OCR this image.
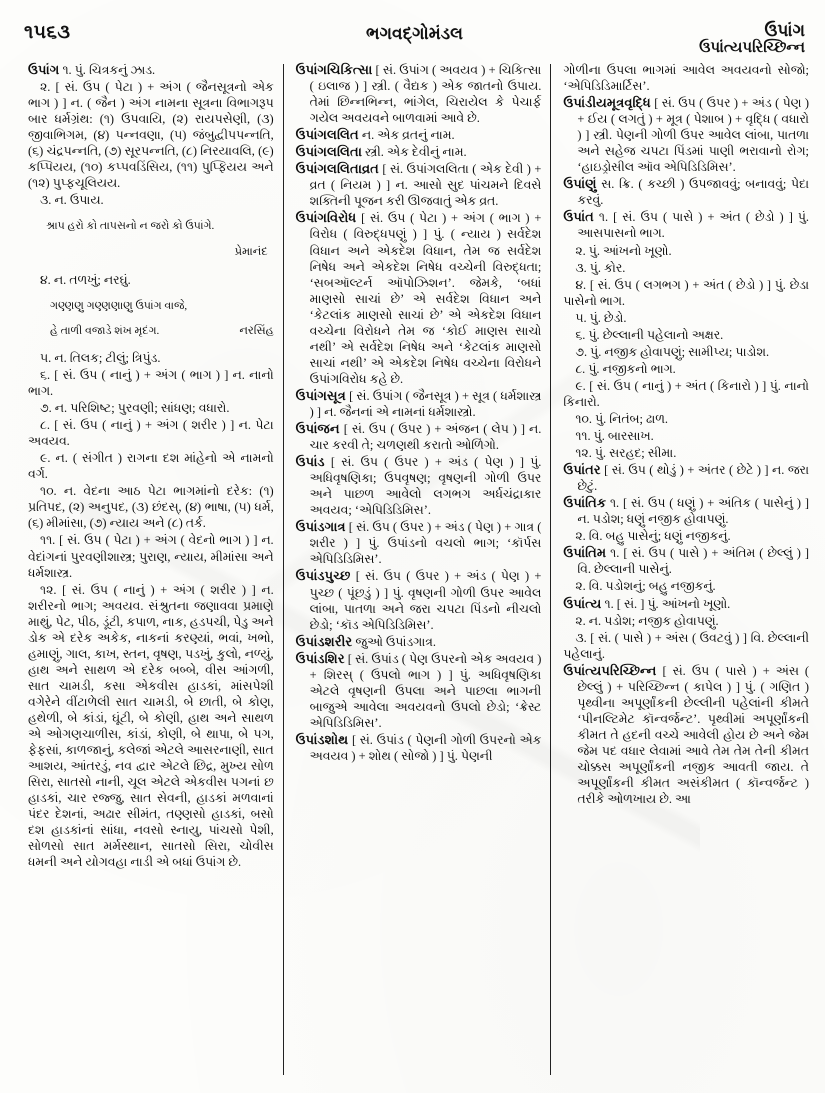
૧૫૬૩	ભગવદ્ગોમંડલ	ઉપાંગ
ઉપાંત્યપરિચ્છિન્ન

ઉપાંગ ૧. પું. ચિત્રકનું ઝાડ.

૨. [ સં. ઉપ ( પેટા ) + અંગ ( જૈનસૂત્રનો એક ભાગ ) ] ન. ( જૈન ) અંગ નામના સૂત્રના વિભાગરૂપ બાર ધર્મગ્રંથ: (૧) ઉપવાયિ, (૨) રાયપસેણી, (૩) જીવાભિગમ, (૪) પન્નવણા, (૫) જંબુદ્વીપપન્નતિ, (૬) ચંદ્રપન્નતિ, (૭) સૂરપન્નતિ, (૮) નિરયાવલિ, (૯) કપ્પિયય, (૧૦) કપ્પવડિંસિય, (૧૧) પુપ્ફિયય અને (૧૨) પુપ્ફચૂલિયય.

૩. ન. ઉપાય.

શ્રાપ હરો કો તાપસનો ન જરો કો ઉપાંગે.

પ્રેમાનંદ

૪. ન. તળખું; નરઘું.

ગણ્ણણુ ગણ્ણણાણુ ઉપાંગ વાજે,

નરસિંહ
હે તાળી વજાડે શંખ મૃદંગ.

૫. ન. તિલક; ટીલું; ત્રિપુંડ.

૬. [ સં. ઉપ ( નાનું ) + અંગ ( ભાગ ) ] ન. નાનો ભાગ.

૭. ન. પરિશિષ્ટ; પુરવણી; સાંધણ; વધારો.

૮. [ સં. ઉપ ( નાનું ) + અંગ ( શરીર ) ] ન. પેટા અવયવ.

૯. ન. ( સંગીત ) રાગના દશ માંહેનો એ નામનો વર્ગ.

૧૦. ન. વેદના આઠ પેટા ભાગમાંનો દરેક: (૧) પ્રતિપદ, (૨) અનુપદ, (૩) છંદસ્, (૪) ભાષા, (૫) ધર્મ, (૬) મીમાંસા, (૭) ન્યાય અને (૮) તર્ક.

૧૧. [ સં. ઉપ ( પેટા ) + અંગ ( વેદનો ભાગ ) ] ન. વેદાંગનાં પુરવણીશાસ્ત્ર; પુરાણ, ન્યાય, મીમાંસા અને ધર્મશાસ્ત્ર.

૧૨. [ સં. ઉપ ( નાનું ) + અંગ ( શરીર ) ] ન. શરીરનો ભાગ; અવયવ. સંશ્રુતના જણાવવા પ્રમાણે માથું, પેટ, પીઠ, ડૂંટી, કપાળ, નાક, હડપચી, પેડુ અને ડોક એ દરેક અકેક, નાકનાં કરણ્યાં, ભવાં, ખભો, હમાણું, ગાલ, કાખ, સ્તન, વૃષણ, પડખું, કુલો, નળ્યું, હાથ અને સાથળ એ દરેક બબ્બે, વીસ આંગળી, સાત ચામડી, કસા એકવીસ હાડકાં, માંસપેશી વગેરેને વીંટાળેલી સાત ચામડી, બે છાતી, બે કોણ, હથેળી, બે કાંડાં, ઘૂંટી, બે કોણી, હાથ અને સાથળ એ ઓગણચાળીસ, કાંડાં, કોણી, બે થાપા, બે પગ, ફેફસાં, કાળજાનું, કલેજાં એટલે આસરનાણી, સાત આશય, આંતરડું, નવ દ્વાર એટલે છિદ્ર, મુખ્ય સોળ સિરા, સાતસો નાની, ચૂલ એટલે એકવીસ પગનાં છ હાડકાં, ચાર રજ્જુ, સાત સેવની, હાડકાં મળવાનાં પંદર દેશનાં, અઢાર સીમંત, તણ્ણસો હાડકાં, બસો દશ હાડકાંનાં સાંધા, નવસો સ્નાયુ, પાંચસો પેશી, સોળસો સાત મર્મસ્થાન, સાતસો સિરા, ચોવીસ ધમની અને યોગવહા નાડી એ બધાં ઉપાંગ છે.

ઉપાંગચિકિત્સા [ સં. ઉપાંગ ( અવયવ ) + ચિકિત્સા ( ઇલાજ ) ] સ્ત્રી. ( વૈદ્યક ) એક જાતનો ઉપાય. તેમાં છિન્નભિન્ન, ભાંગેલ, ચિરાયેલ કે પેચાર્ફ ગયેલ અવયવને બાળવામાં આવે છે.

ઉપાંગલલિત ન. એક વ્રતનું નામ.

ઉપાંગલલિતા સ્ત્રી. એક દેવીનું નામ.

ઉપાંગલલિતાવ્રત [ સં. ઉપાંગલલિતા ( એક દેવી ) + વ્રત ( નિયમ ) ] ન. આસો સુદ પાંચમને દિવસે શક્તિની પૂજન કરી ઊજવાતું એક વ્રત.

ઉપાંગવિરોધ [ સં. ઉપ ( પેટા ) + અંગ ( ભાગ ) + વિરોધ ( વિરુદ્ધપણું ) ] પું. ( ન્યાય ) સર્વદેશ વિધાન અને એકદેશ વિધાન, તેમ જ સર્વદેશ નિષેધ અને એકદેશ નિષેધ વચ્ચેની વિરુદ્ધતા; ‘સબઑલ્ટર્ન ઑપોઝિશન’. જેમકે, ‘બધાં માણસો સાચાં છે’ એ સર્વદેશ વિધાન અને ‘કેટલાંક માણસો સાચાં છે’ એ એકદેશ વિધાન વચ્ચેના વિરોધને તેમ જ ‘કોઈ માણસ સાચો નથી’ એ સર્વદેશ નિષેધ અને ‘કેટલાંક માણસો સાચાં નથી’ એ એકદેશ નિષેધ વચ્ચેના વિરોધને ઉપાંગવિરોધ કહે છે.

ઉપાંગસૂત્ર [ સં. ઉપાંગ ( જૈનસૂત્ર ) + સૂત્ર ( ધર્મશાસ્ત્ર ) ] ન. જૈનનાં એ નામનાં ધર્મશાસ્ત્રો.

ઉપાંજન [ સં. ઉપ ( ઉપર ) + અંજન ( લેપ ) ] ન. ચાર કરવી તે; ચળણથી કરાતો ઓળિંગો.

ઉપાંડ [ સં. ઉપ ( ઉપર ) + અંડ ( પેણ ) ] પું. અધિવૃષણિકા; ઉપવૃષણ; વૃષણની ગોળી ઉપર અને પાછળ આવેલો લગભગ અર્ધચંદ્રાકાર અવયવ; ‘એપિડિડિમિસ’.

ઉપાંડગાત્ર [ સં. ઉપ ( ઉપર ) + અંડ ( પેણ ) + ગાત્ર ( શરીર ) ] પું. ઉપાંડનો વચલો ભાગ; ‘કૉર્પસ એપિડિડિમિસ’.

ઉપાંડપુચ્છ [ સં. ઉપ ( ઉપર ) + અંડ ( પેણ ) + પુચ્છ ( પૂંછડું ) ] પું. વૃષણની ગોળી ઉપર આવેલ લાંબા, પાતળા અને જરા ચપટા પિંડનો નીચલો છેડો; ‘કૉડ એપિડિડિમિસ’.

ઉપાંડશરીર જુઓ ઉપાંડગાત્ર.

ઉપાંડશિર [ સં. ઉપાંડ ( પેણ ઉપરનો એક અવયવ ) + શિરસ્ ( ઉપલો ભાગ ) ] પું. અધિવૃષણિકા એટલે વૃષણની ઉપલા અને પાછલા ભાગની બાજુએ આવેલા અવયવનો ઉપલો છેડો; ‘ક્રેસ્ટ એપિડિડિમિસ’.

ઉપાંડશોથ [ સં. ઉપાંડ ( પેણની ગોળી ઉપરનો એક અવયવ ) + શોથ ( સોજો ) ] પું. પેણની

ગોળીના ઉપલા ભાગમાં આવેલ અવયવનો સોજો; ‘એપિડિડિમાર્ટિસ’.

ઉપાંડીયમૂત્રવૃદ્ધિ [ સં. ઉપ ( ઉપર ) + અંડ ( પેણ ) + ઈય ( લગતું ) + મૂત્ર ( પેશાબ ) + વૃદ્ધિ ( વધારો ) ] સ્ત્રી. પેણની ગોળી ઉપર આવેલ લાંબા, પાતળા અને સહેજ ચપટા પિંડમાં પાણી ભરાવાનો રોગ; ‘હાઇડ્રોસીલ ઑવ એપિડિડિમિસ’.

ઉપાંણું સ. ક્રિ. ( કચ્છી ) ઉપજાવવું; બનાવવું; પેદા કરવું.

ઉપાંત ૧. [ સં. ઉપ ( પાસે ) + અંત ( છેડો ) ] પું. આસપાસનો ભાગ.

૨. પું. આંખનો ખૂણો.

૩. પું. કોર.

૪. [ સં. ઉપ ( લગભગ ) + અંત ( છેડો ) ] પું. છેડા પાસેનો ભાગ.

૫. પું. છેડો.

૬. પું. છેલ્લાની પહેલાનો અક્ષર.

૭. પું. નજીક હોવાપણું; સામીપ્ય; પાડોશ.

૮. પું. નજીકનો ભાગ.

૯. [ સં. ઉપ ( નાનું ) + અંત ( કિનારો ) ] પું. નાનો કિનારો.

૧૦. પું. નિતંબ; ઢાળ.

૧૧. પું. બારસાખ.

૧૨. પું. સરહદ; સીમા.

ઉપાંતર [ સં. ઉપ ( થોડું ) + અંતર ( છેટે ) ] ન. જરા છેટું.

ઉપાંતિક ૧. [ સં. ઉપ ( ધણું ) + અંતિક ( પાસેનું ) ] ન. પડોશ; ધણું નજીક હોવાપણું.

૨. વિ. બહુ પાસેનું; ધણું નજીકનું.

ઉપાંતિમ ૧. [ સં. ઉપ ( પાસે ) + અંતિમ ( છેલ્લું ) ] વિ. છેલ્લાની પાસેનું.

૨. વિ. પડોશનું; બહુ નજીકનું.

ઉપાંત્ય ૧. [ સં. ] પું. આંખનો ખૂણો.

૨. ન. પડોશ; નજીક હોવાપણું.

૩. [ સં. ( પાસે ) + અંસ ( ઉવટવું ) ] વિ. છેલ્લાની પહેલાનું.

ઉપાંત્યપરિચ્છિન્ન [ સં. ઉપ ( પાસે ) + અંસ ( છેલ્લું ) + પરિચ્છિન્ન ( કાપેલ ) ] પું. ( ગણિત ) પૃથ્વીના અપૂર્ણાંકની છેલ્લીની પહેલાંની કીમતે ‘પીનલ્ટિમેટ કૉન્વર્જન્ટ’. પૃથ્વીમાં અપૂર્ણાંકની કીમત તે હદની વચ્ચે આવેલી હોય છે અને જેમ જેમ પદ વધાર લેવામાં આવે તેમ તેમ તેની કીમત ચોક્કસ અપૂર્ણાંકની નજીક આવતી જાય. તે અપૂર્ણાંકની કીમત અસંકીમત ( કૉન્વર્જન્ટ ) તરીકે ઓળખાય છે. આ
